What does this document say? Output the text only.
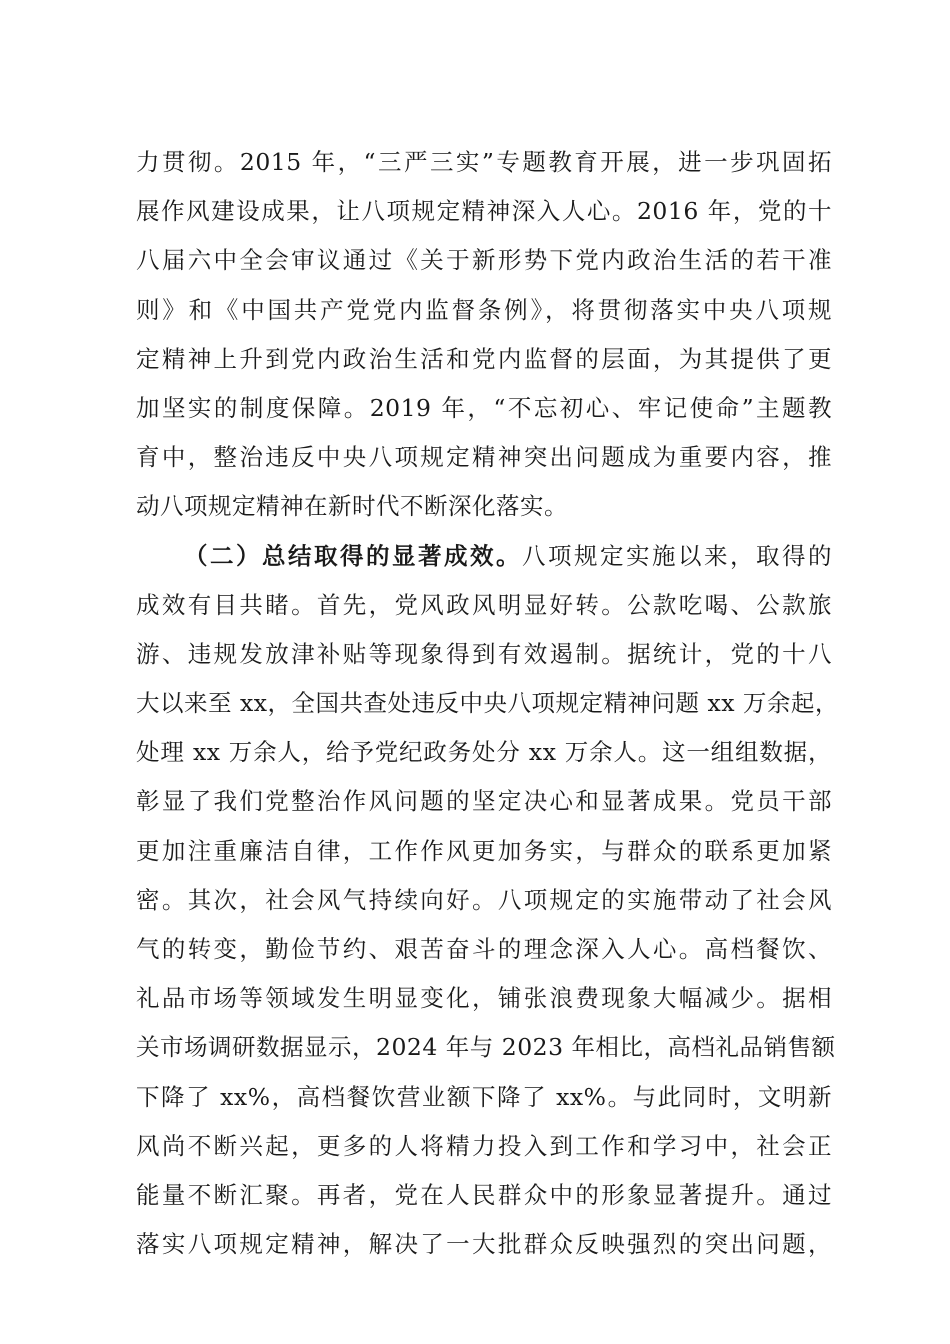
力贯彻。2015 年，“三严三实”专题教育开展，进一步巩固拓
展作风建设成果，让八项规定精神深入人心。2016 年，党的十
八届六中全会审议通过《关于新形势下党内政治生活的若干准
则》和《中国共产党党内监督条例》，将贯彻落实中央八项规
定精神上升到党内政治生活和党内监督的层面，为其提供了更
加坚实的制度保障。2019 年，“不忘初心、牢记使命”主题教
育中，整治违反中央八项规定精神突出问题成为重要内容，推
动八项规定精神在新时代不断深化落实。
（二）总结取得的显著成效。八项规定实施以来，取得的
成效有目共睹。首先，党风政风明显好转。公款吃喝、公款旅
游、违规发放津补贴等现象得到有效遏制。据统计，党的十八
大以来至 xx，全国共查处违反中央八项规定精神问题 xx 万余起，
处理 xx 万余人，给予党纪政务处分 xx 万余人。这一组组数据，
彰显了我们党整治作风问题的坚定决心和显著成果。党员干部
更加注重廉洁自律，工作作风更加务实，与群众的联系更加紧
密。其次，社会风气持续向好。八项规定的实施带动了社会风
气的转变，勤俭节约、艰苦奋斗的理念深入人心。高档餐饮、
礼品市场等领域发生明显变化，铺张浪费现象大幅减少。据相
关市场调研数据显示，2024 年与 2023 年相比，高档礼品销售额
下降了 xx%，高档餐饮营业额下降了 xx%。与此同时，文明新
风尚不断兴起，更多的人将精力投入到工作和学习中，社会正
能量不断汇聚。再者，党在人民群众中的形象显著提升。通过
落实八项规定精神，解决了一大批群众反映强烈的突出问题，
